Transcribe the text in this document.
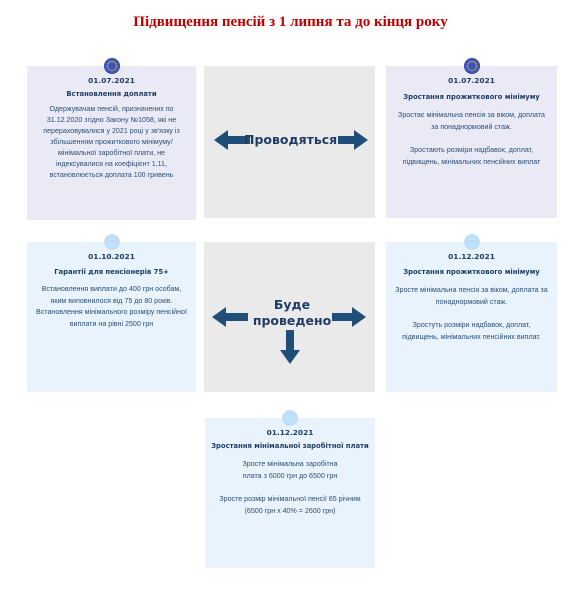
Підвищення пенсій з 1 липня та до кінця року
01.07.2021
Встановлення доплати
Одержувачам пенсій, призначених по 31.12.2020 згідно Закону №1058, які не перераховувалися у 2021 році у зв'язку із збільшенням прожиткового мінімуму/мінімальної заробітної плати, не індексувалися на коефіцієнт 1,11, встановлюється доплата 100 гривень
Проводяться
01.07.2021
Зростання прожиткового мінімуму
Зростає мінімальна пенсія за віком, доплата за понаднормовий стаж.
Зростають розміри надбавок, доплат, підвищень, мінімальних пенсійних виплат
01.10.2021
Гарантії для пенсіонерів 75+
Встановлення виплати до 400 грн особам, яким виповнилося від 75 до 80 років. Встановлення мінімального розміру пенсійної виплати на рівні 2500 грн
Буде
проведено
01.12.2021
Зростання прожиткового мінімуму
Зросте мінімальна пенсія за віком, доплата за понаднормовий стаж.
Зростуть розміри надбавок, доплат, підвищень, мінімальних пенсійних виплат.
01.12.2021
Зростання мінімальної заробітної плати
Зросте мінімальна заробітна плата з 6000 грн до 6500 грн
Зросте розмір мінімальної пенсії 65 річним (6500 грн х 40% = 2600 грн)
